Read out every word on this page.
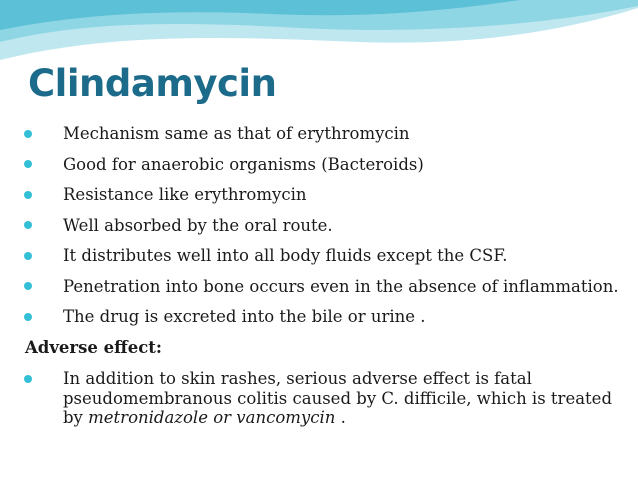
Clindamycin
Mechanism same as that of erythromycin
Good for anaerobic organisms (Bacteroids)
Resistance like erythromycin
Well absorbed by the oral route.
It distributes well into all body fluids except the CSF.
Penetration into bone occurs even in the absence of inflammation.
The drug is excreted into the bile or urine .
Adverse effect:
In addition to skin rashes, serious adverse effect is fatal pseudomembranous colitis caused by C. difficile, which is treated by metronidazole or vancomycin .
